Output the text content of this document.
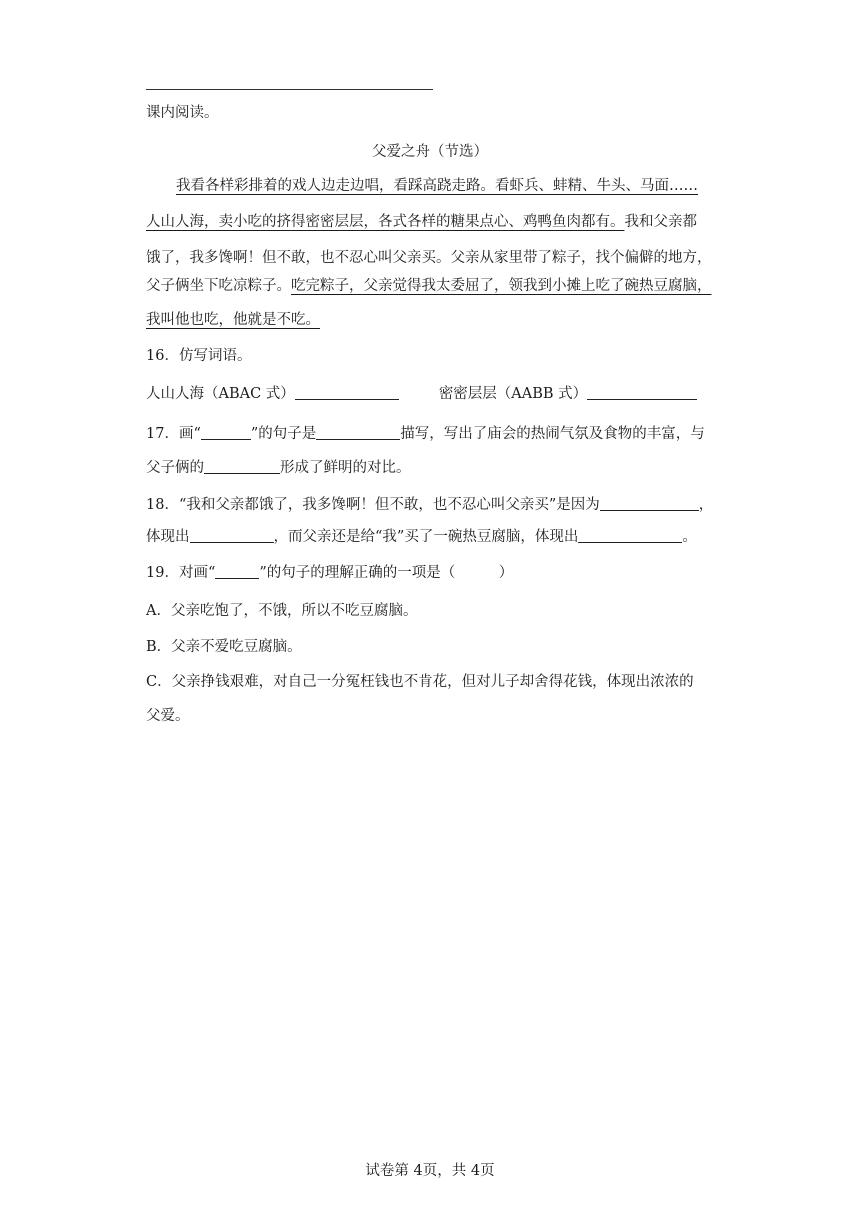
课内阅读。
父爱之舟（节选）
我看各样彩排着的戏人边走边唱，看踩高跷走路。看虾兵、蚌精、牛头、马面……
人山人海，卖小吃的挤得密密层层，各式各样的糖果点心、鸡鸭鱼肉都有。我和父亲都
饿了，我多馋啊！但不敢，也不忍心叫父亲买。父亲从家里带了粽子，找个偏僻的地方，
父子俩坐下吃凉粽子。吃完粽子，父亲觉得我太委屈了，领我到小摊上吃了碗热豆腐脑，
我叫他也吃，他就是不吃。
16．仿写词语。
人山人海（ABAC 式）	密密层层（AABB 式）
17．画“	”的句子是	描写，写出了庙会的热闹气氛及食物的丰富，与
父子俩的	形成了鲜明的对比。
18．“我和父亲都饿了，我多馋啊！但不敢，也不忍心叫父亲买”是因为	，
体现出	，而父亲还是给“我”买了一碗热豆腐脑，体现出	。
19．对画“	”的句子的理解正确的一项是（　　　）
A．父亲吃饱了，不饿，所以不吃豆腐脑。
B．父亲不爱吃豆腐脑。
C．父亲挣钱艰难，对自己一分冤枉钱也不肯花，但对儿子却舍得花钱，体现出浓浓的
父爱。
试卷第 4页，共 4页
